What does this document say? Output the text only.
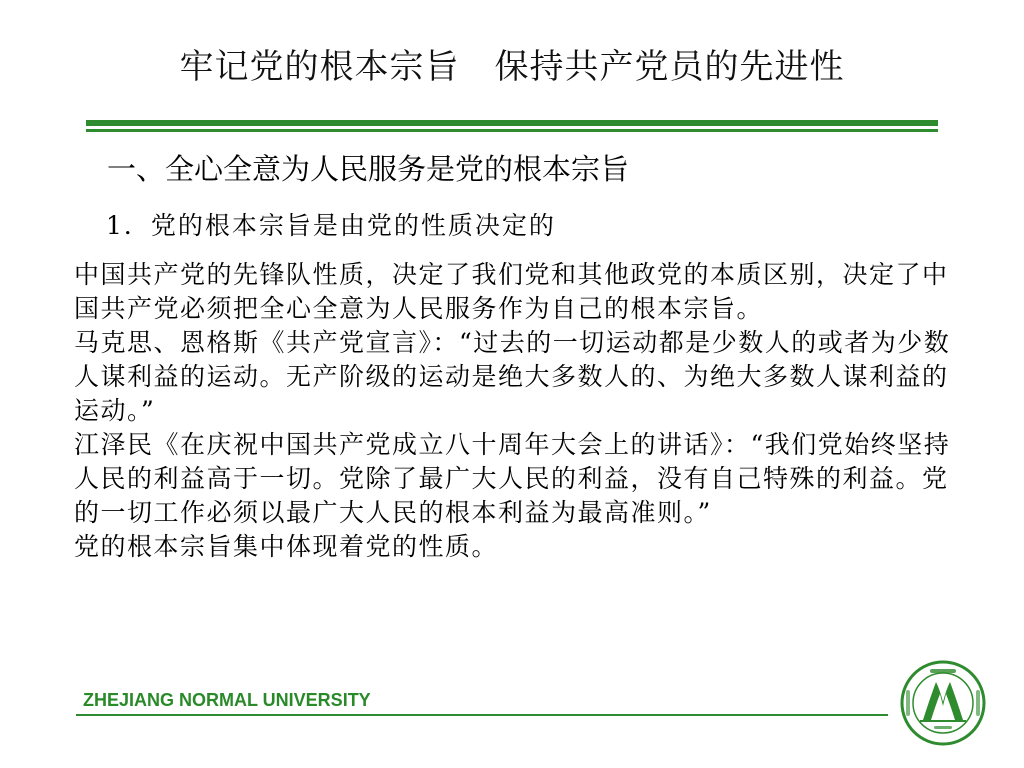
牢记党的根本宗旨　保持共产党员的先进性
一、全心全意为人民服务是党的根本宗旨
1．党的根本宗旨是由党的性质决定的

中国共产党的先锋队性质，决定了我们党和其他政党的本质区别，决定了中国共产党必须把全心全意为人民服务作为自己的根本宗旨。

马克思、恩格斯《共产党宣言》：“过去的一切运动都是少数人的或者为少数人谋利益的运动。无产阶级的运动是绝大多数人的、为绝大多数人谋利益的运动。”

江泽民《在庆祝中国共产党成立八十周年大会上的讲话》：“我们党始终坚持人民的利益高于一切。党除了最广大人民的利益，没有自己特殊的利益。党的一切工作必须以最广大人民的根本利益为最高准则。”

党的根本宗旨集中体现着党的性质。

ZHEJIANG NORMAL UNIVERSITY
